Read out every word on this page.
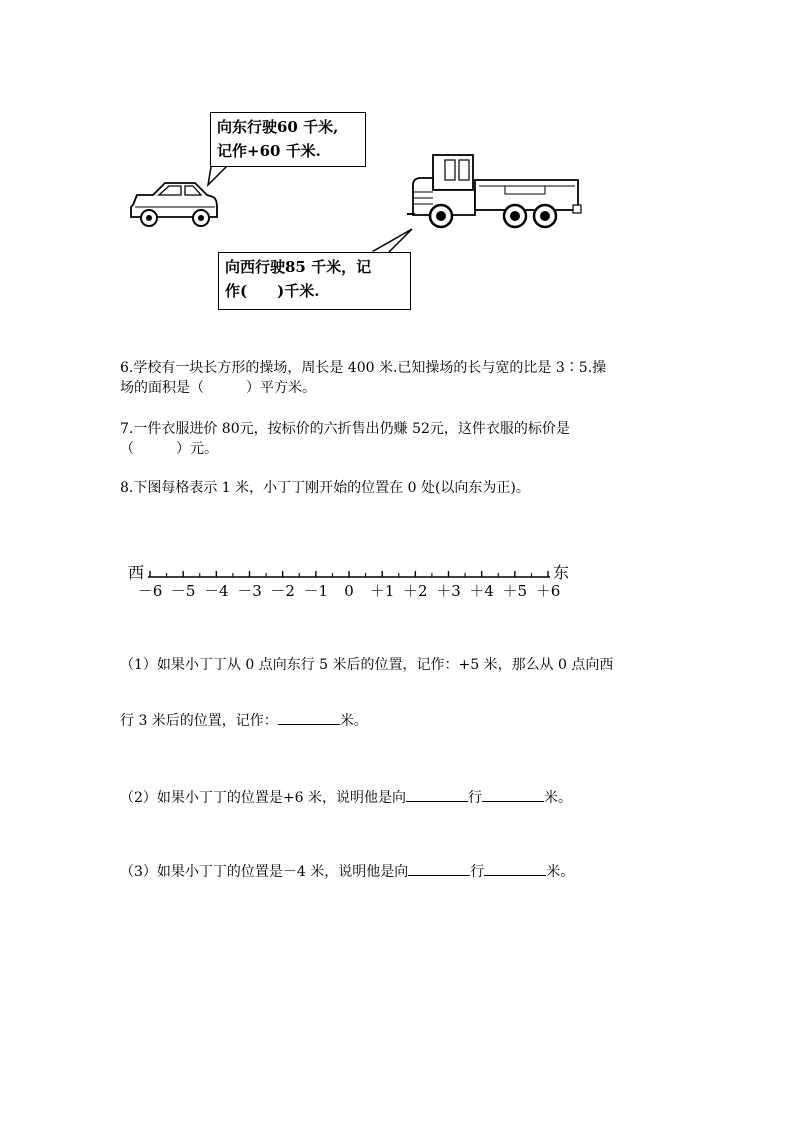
向东行驶60 千米,
记作+60 千米.
向西行驶85 千米，记
作(　　)千米.
6.学校有一块长方形的操场，周长是 400 米.已知操场的长与宽的比是 3∶5.操
场的面积是（　　　）平方米。
7.一件衣服进价 80元，按标价的六折售出仍赚 52元，这件衣服的标价是
（　　　）元。
8.下图每格表示 1 米，小丁丁刚开始的位置在 0 处(以向东为正)。
西	东
－6 －5 －4 －3 －2 －1 0 ＋1 ＋2 ＋3 ＋4 ＋5 ＋6
（1）如果小丁丁从 0 点向东行 5 米后的位置，记作：+5 米，那么从 0 点向西
行 3 米后的位置，记作：	米。
（2）如果小丁丁的位置是+6 米，说明他是向	行	米。
（3）如果小丁丁的位置是－4 米，说明他是向	行	米。
